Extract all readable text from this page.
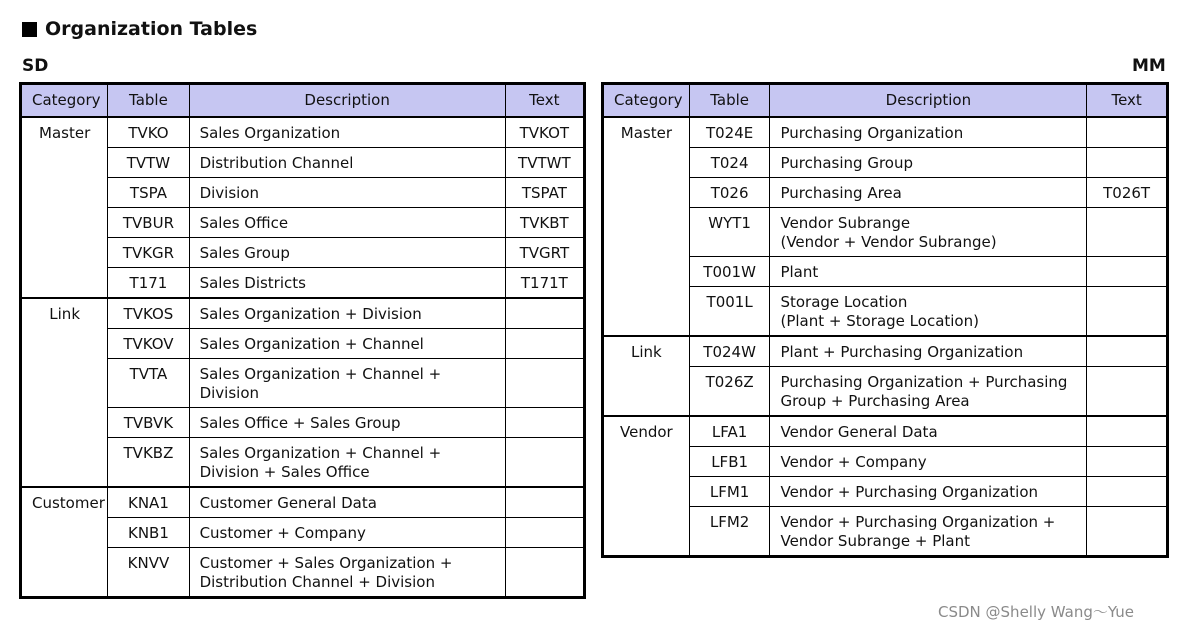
Organization Tables
SD	MM
Category	Table	Description	Text
Master	TVKO	Sales Organization	TVKOT
	TVTW	Distribution Channel	TVTWT
	TSPA	Division	TSPAT
	TVBUR	Sales Office	TVKBT
	TVKGR	Sales Group	TVGRT
	T171	Sales Districts	T171T
Link	TVKOS	Sales Organization + Division	
	TVKOV	Sales Organization + Channel	
	TVTA	Sales Organization + Channel + Division	
	TVBVK	Sales Office + Sales Group	
	TVKBZ	Sales Organization + Channel + Division + Sales Office	
Customer	KNA1	Customer General Data	
	KNB1	Customer + Company	
	KNVV	Customer + Sales Organization + Distribution Channel + Division	
Category	Table	Description	Text
Master	T024E	Purchasing Organization	
	T024	Purchasing Group	
	T026	Purchasing Area	T026T
	WYT1	Vendor Subrange
(Vendor + Vendor Subrange)	
	T001W	Plant	
	T001L	Storage Location
(Plant + Storage Location)	
Link	T024W	Plant + Purchasing Organization	
	T026Z	Purchasing Organization + Purchasing Group + Purchasing Area	
Vendor	LFA1	Vendor General Data	
	LFB1	Vendor + Company	
	LFM1	Vendor + Purchasing Organization	
	LFM2	Vendor + Purchasing Organization + Vendor Subrange + Plant	
CSDN @Shelly Wang～Yue
